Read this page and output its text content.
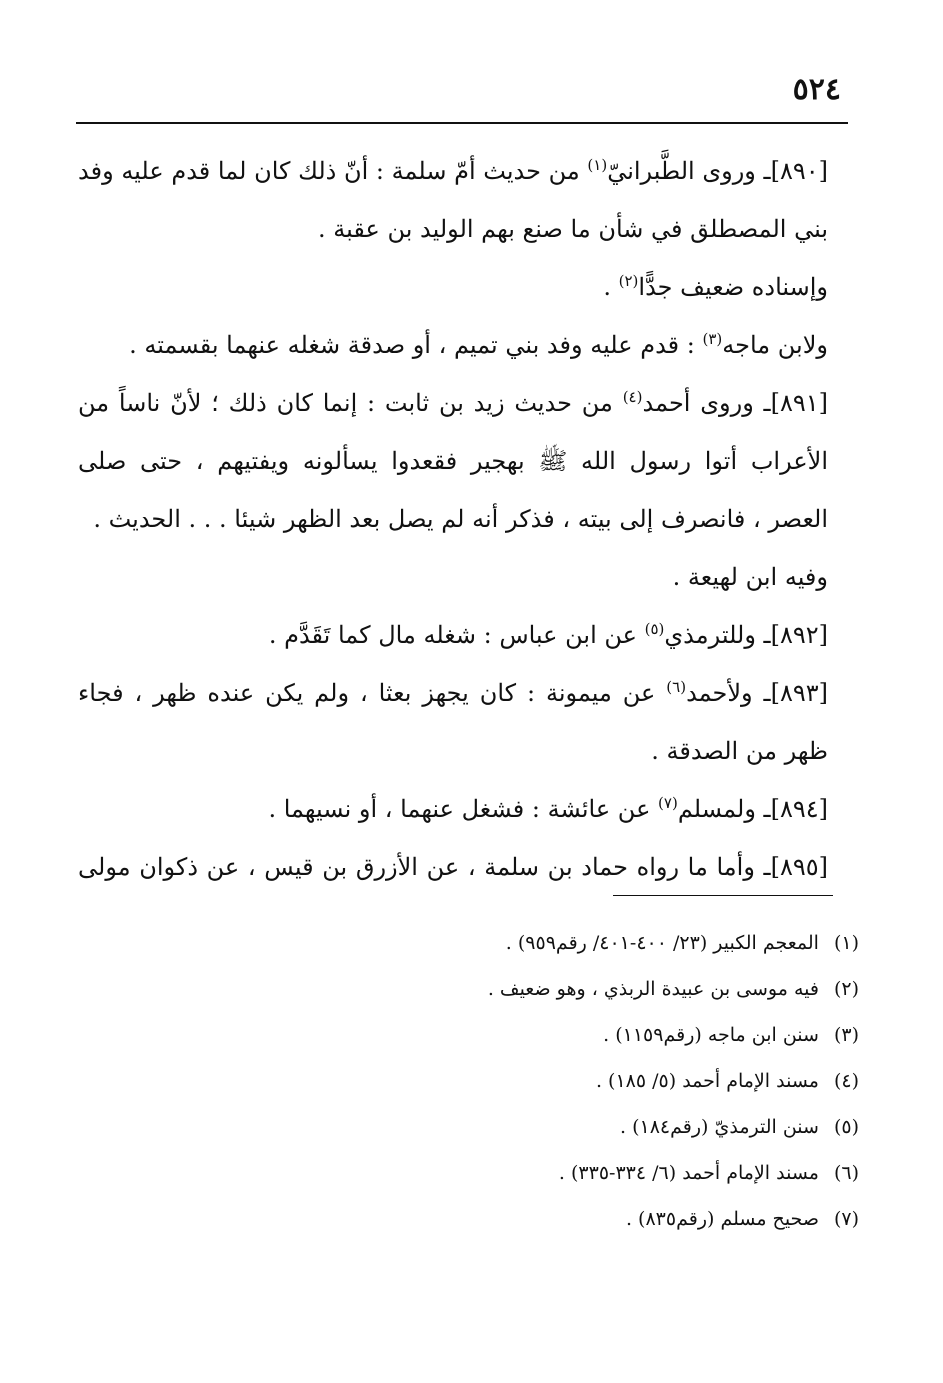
٥٢٤

[٨٩٠]ـ وروى الطَّبرانيّ$^{(١)}$ من حديث أمّ سلمة : أنّ ذلك كان لما قدم عليه وفد بني المصطلق في شأن ما صنع بهم الوليد بن عقبة .

وإسناده ضعيف جدًّا$^{(٢)}$ .

ولابن ماجه$^{(٣)}$ : قدم عليه وفد بني تميم ، أو صدقة شغله عنهما بقسمته .

[٨٩١]ـ وروى أحمد$^{(٤)}$ من حديث زيد بن ثابت : إنما كان ذلك ؛ لأنّ ناساً من الأعراب أتوا رسول الله ﷺ بهجير فقعدوا يسألونه ويفتيهم ، حتى صلى العصر ، فانصرف إلى بيته ، فذكر أنه لم يصل بعد الظهر شيئا . . . الحديث .

وفيه ابن لهيعة .

[٨٩٢]ـ وللترمذي$^{(٥)}$ عن ابن عباس : شغله مال كما تَقَدَّم .

[٨٩٣]ـ ولأحمد$^{(٦)}$ عن ميمونة : كان يجهز بعثا ، ولم يكن عنده ظهر ، فجاء ظهر من الصدقة .

[٨٩٤]ـ ولمسلم$^{(٧)}$ عن عائشة : فشغل عنهما ، أو نسيهما .

[٨٩٥]ـ وأما ما رواه حماد بن سلمة ، عن الأزرق بن قيس ، عن ذكوان مولى

(١) المعجم الكبير (٢٣/ ٤٠٠-٤٠١/ رقم٩٥٩) .
(٢) فيه موسى بن عبيدة الربذي ، وهو ضعيف .
(٣) سنن ابن ماجه (رقم١١٥٩) .
(٤) مسند الإمام أحمد (٥/ ١٨٥) .
(٥) سنن الترمذيّ (رقم١٨٤) .
(٦) مسند الإمام أحمد (٦/ ٣٣٤-٣٣٥) .
(٧) صحيح مسلم (رقم٨٣٥) .
